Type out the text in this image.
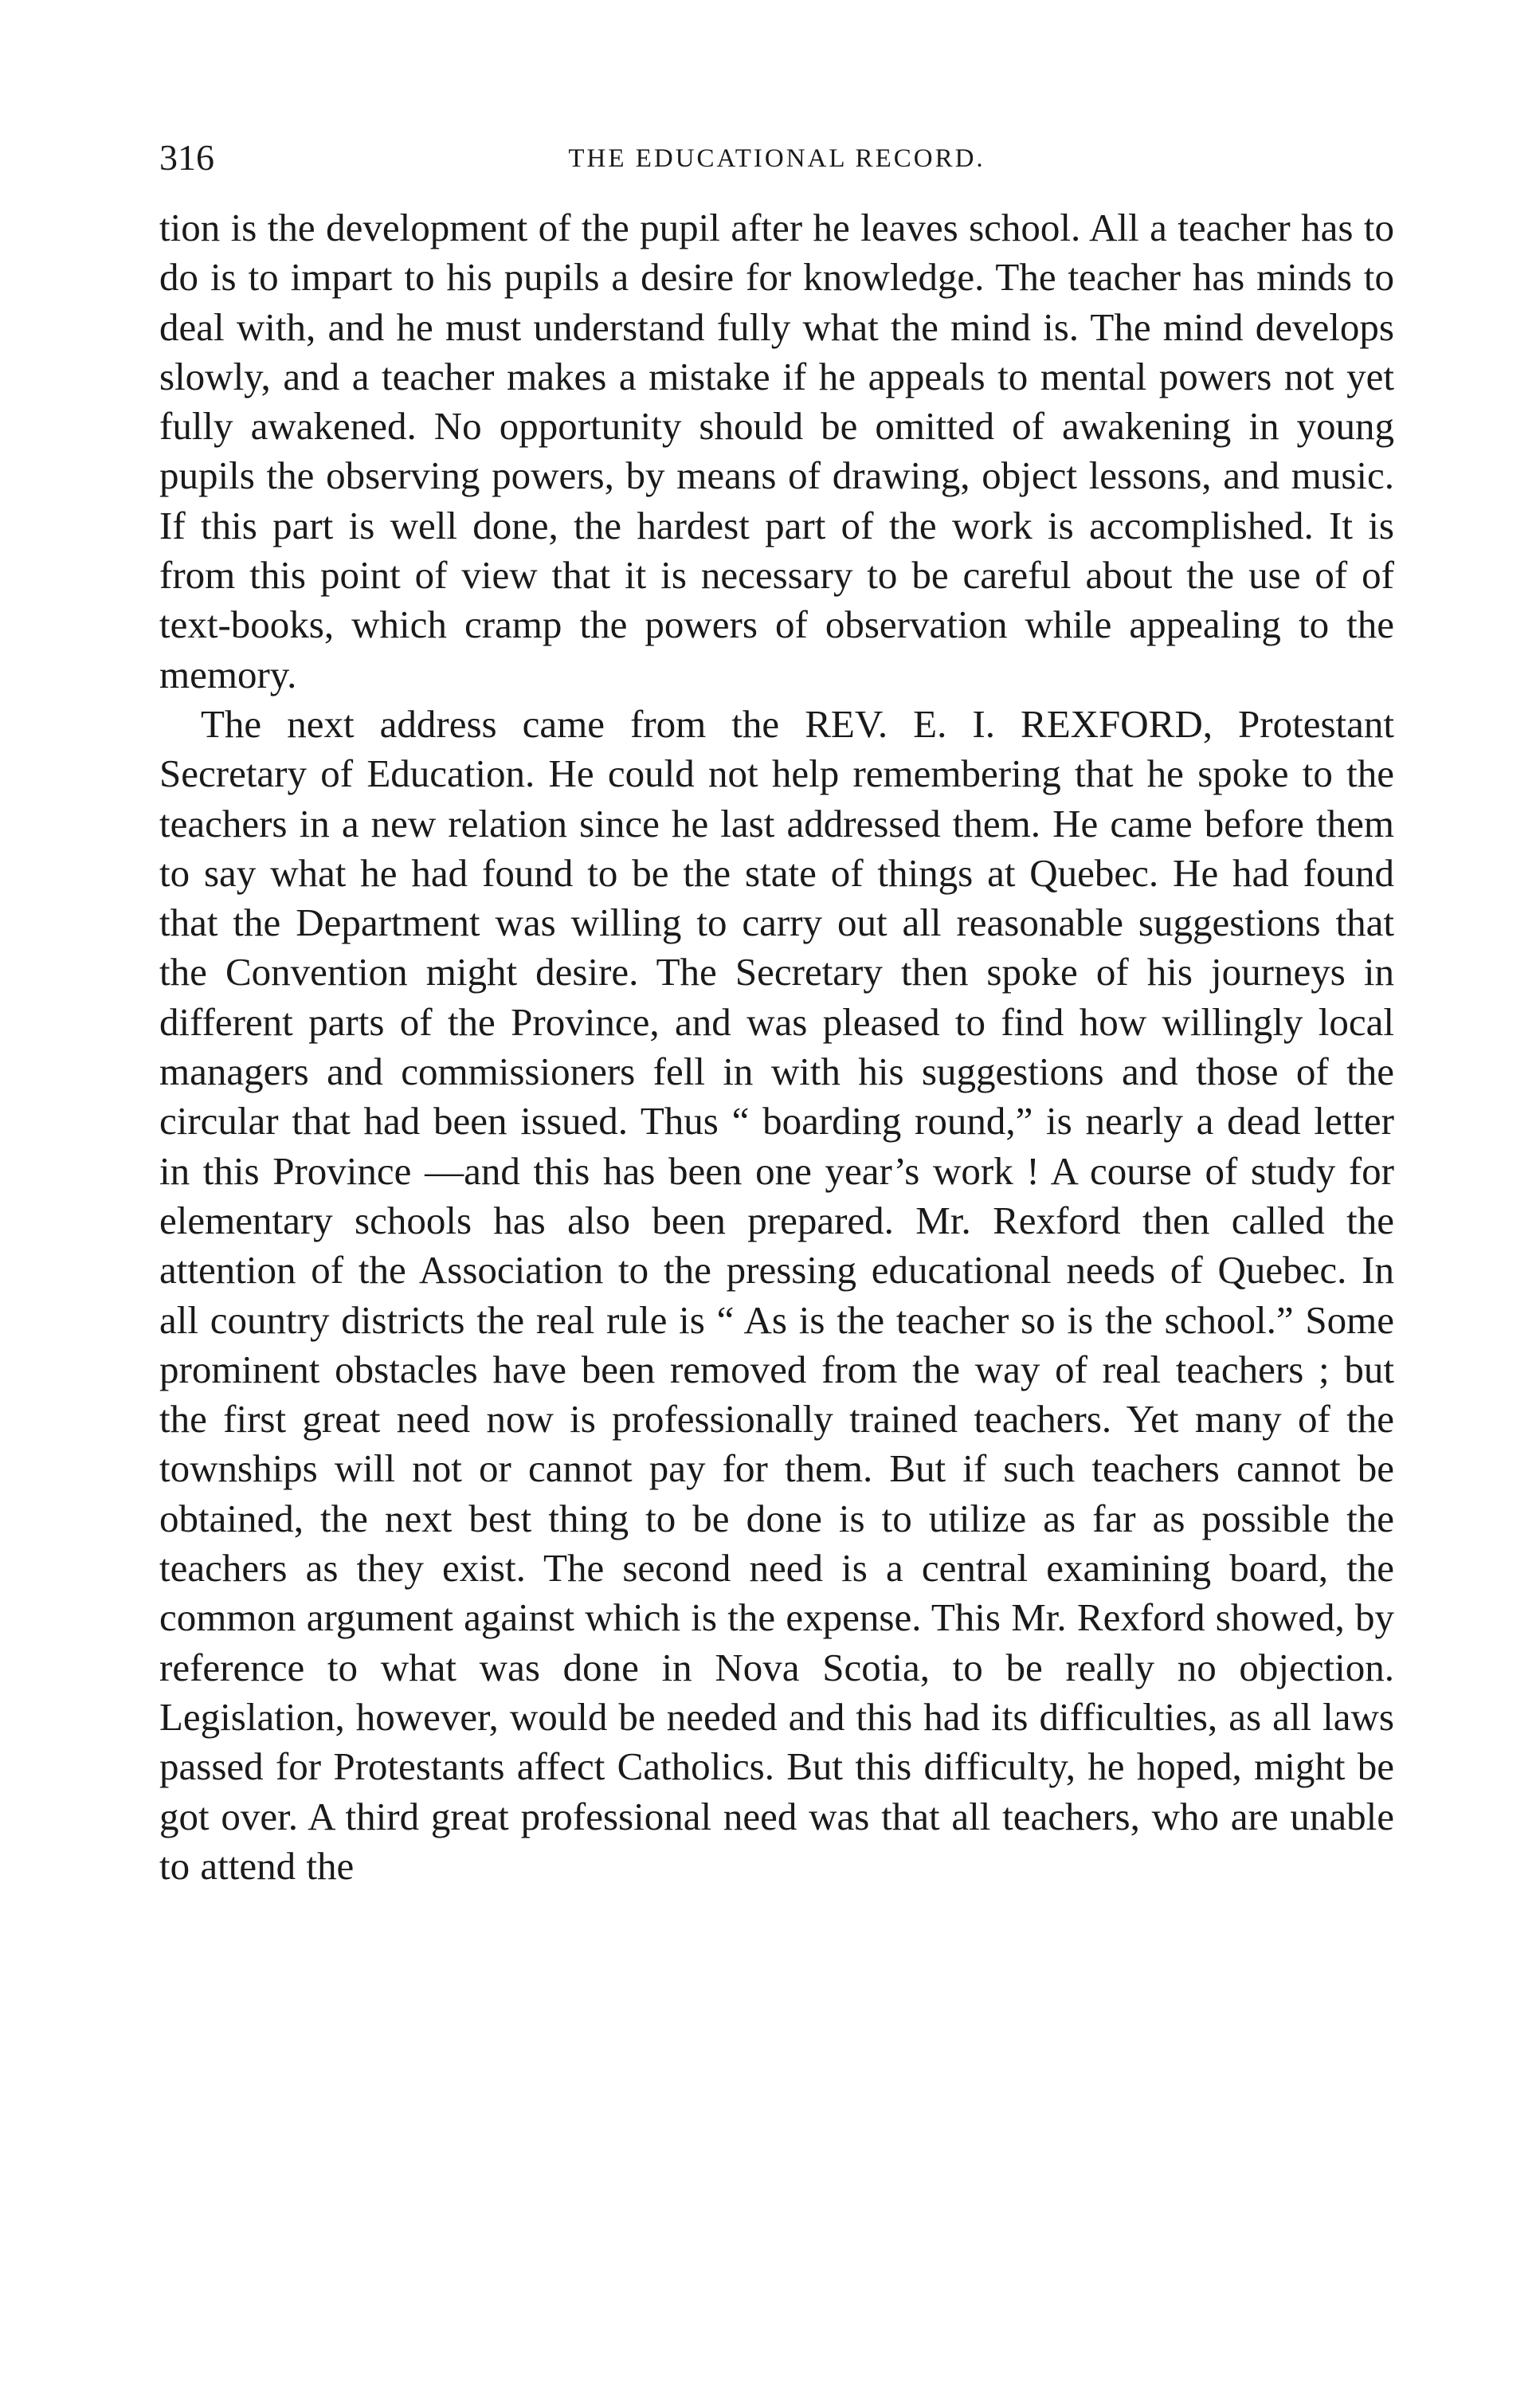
316	THE EDUCATIONAL RECORD.

tion is the development of the pupil after he leaves school. All a teacher has to do is to impart to his pupils a desire for knowledge. The teacher has minds to deal with, and he must understand fully what the mind is. The mind develops slowly, and a teacher makes a mistake if he appeals to mental powers not yet fully awakened. No opportunity should be omitted of awakening in young pupils the observing powers, by means of drawing, object lessons, and music. If this part is well done, the hardest part of the work is accomplished. It is from this point of view that it is necessary to be careful about the use of of text-books, which cramp the powers of observation while appealing to the memory.

The next address came from the REV. E. I. REXFORD, Protestant Secretary of Education. He could not help remembering that he spoke to the teachers in a new relation since he last addressed them. He came before them to say what he had found to be the state of things at Quebec. He had found that the Department was willing to carry out all reasonable suggestions that the Convention might desire. The Secretary then spoke of his journeys in different parts of the Province, and was pleased to find how willingly local managers and commissioners fell in with his suggestions and those of the circular that had been issued. Thus “ boarding round,” is nearly a dead letter in this Province —and this has been one year’s work ! A course of study for elementary schools has also been prepared. Mr. Rexford then called the attention of the Association to the pressing educational needs of Quebec. In all country districts the real rule is “ As is the teacher so is the school.” Some prominent obstacles have been removed from the way of real teachers ; but the first great need now is professionally trained teachers. Yet many of the townships will not or cannot pay for them. But if such teachers cannot be obtained, the next best thing to be done is to utilize as far as possible the teachers as they exist. The second need is a central examining board, the common argument against which is the expense. This Mr. Rexford showed, by reference to what was done in Nova Scotia, to be really no objection. Legislation, however, would be needed and this had its difficulties, as all laws passed for Protestants affect Catholics. But this difficulty, he hoped, might be got over. A third great professional need was that all teachers, who are unable to attend the
